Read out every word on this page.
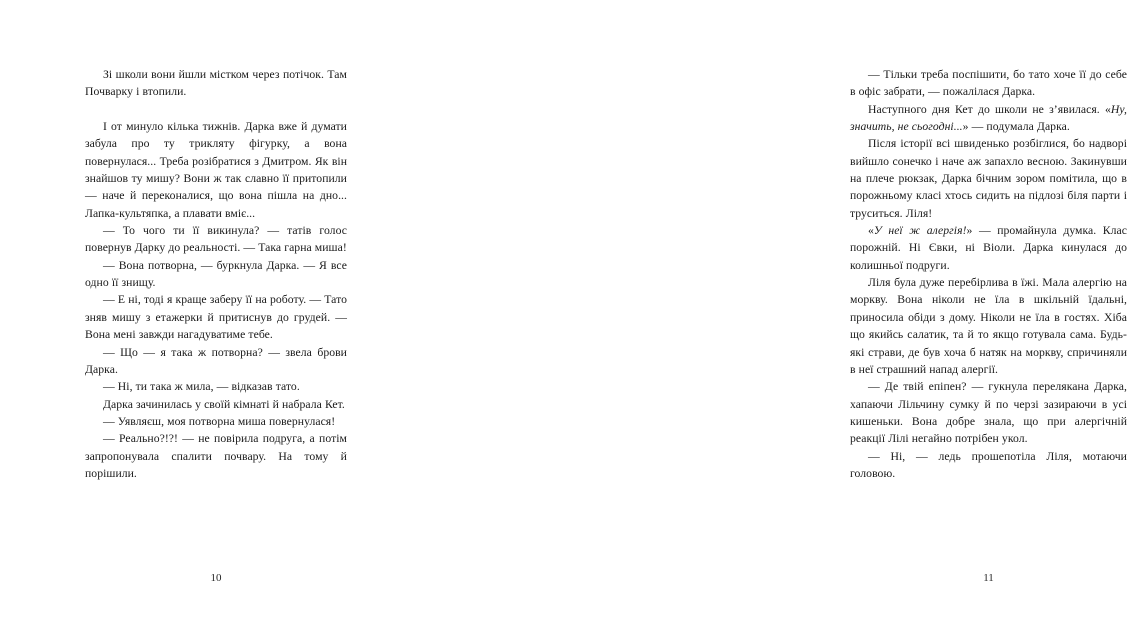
Зі школи вони йшли містком через потічок. Там Почварку і втопили.

І от минуло кілька тижнів. Дарка вже й думати забула про ту трикляту фігурку, а вона повернулася... Треба розібратися з Дмитром. Як він знайшов ту мишу? Вони ж так славно її притопили — наче й переконалися, що вона пішла на дно... Лапка-культяпка, а плавати вміє...

— То чого ти її викинула? — татів голос повернув Дарку до реальності. — Така гарна миша!

— Вона потворна, — буркнула Дарка. — Я все одно її знищу.

— Е ні, тоді я краще заберу її на роботу. — Тато зняв мишу з етажерки й притиснув до грудей. — Вона мені завжди нагадуватиме тебе.

— Що — я така ж потворна? — звела брови Дарка.

— Ні, ти така ж мила, — відказав тато.

Дарка зачинилась у своїй кімнаті й набрала Кет.

— Уявляєш, моя потворна миша повернулася!

— Реально?!?! — не повірила подруга, а потім запропонувала спалити почвару. На тому й порішили.

10

— Тільки треба поспішити, бо тато хоче її до себе в офіс забрати, — пожалілася Дарка.

Наступного дня Кет до школи не з’явилася. «Ну, значить, не сьогодні...» — подумала Дарка.

Після історії всі швиденько розбіглися, бо надворі вийшло сонечко і наче аж запахло весною. Закинувши на плече рюкзак, Дарка бічним зором помітила, що в порожньому класі хтось сидить на підлозі біля парти і труситься. Ліля!

«У неї ж алергія!» — промайнула думка. Клас порожній. Ні Євки, ні Віоли. Дарка кинулася до колишньої подруги.

Ліля була дуже перебірлива в їжі. Мала алергію на моркву. Вона ніколи не їла в шкільній їдальні, приносила обіди з дому. Ніколи не їла в гостях. Хіба що якийсь салатик, та й то якщо готувала сама. Будь-які страви, де був хоча б натяк на моркву, спричиняли в неї страшний напад алергії.

— Де твій епіпен? — гукнула перелякана Дарка, хапаючи Лільчину сумку й по черзі зазираючи в усі кишеньки. Вона добре знала, що при алергічній реакції Лілі негайно потрібен укол.

— Ні, — ледь прошепотіла Ліля, мотаючи головою.

11
